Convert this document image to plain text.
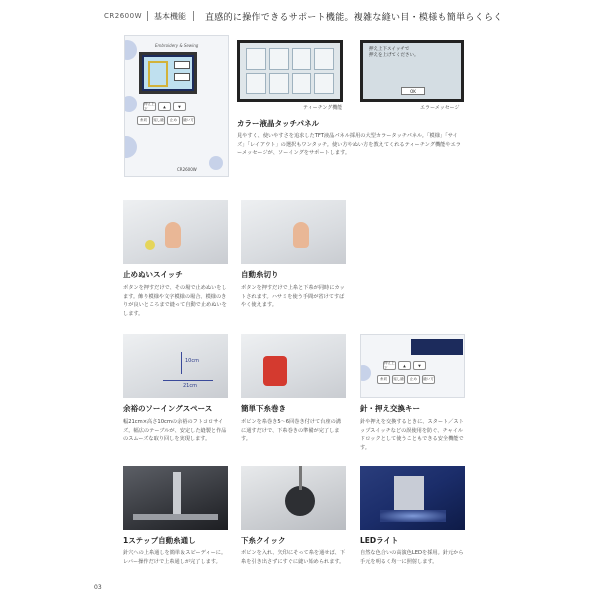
CR2600W 基本機能 直感的に操作できるサポート機能。複雑な縫い目・模様も簡単らくらく
Embroidery & Sewing
押え上下	▲	▼
糸切	返し縫	止め	縫い方
CR2600W
ティーチング機能
押え上下スイッチで
押えを上げてください。
OK
エラーメッセージ
カラー液晶タッチパネル
見やすく、使いやすさを追求したTFT液晶パネル採用の大型カラータッチパネル。「模様」「サイズ」「レイアウト」の選択もワンタッチ。使い方やぬい方を教えてくれるティーチング機能やエラーメッセージが、ソーイングをサポートします。
止めぬいスイッチ
ボタンを押すだけで、その場で止めぬいをします。飾り模様や文字模様の場合、模様のきりが良いところまで縫って自動で止めぬいをします。
自動糸切り
ボタンを押すだけで上糸と下糸が同時にカットされます。ハサミを使う手間が省けてすばやく使えます。
10cm
21cm
押え上下	▲	▼
糸切	返し縫	止め	縫い方
余裕のソーイングスペース
幅21cm×高さ10cmの余裕のフトコロサイズ。幅広のテーブルが、安定した縫製と作品のスムーズな取り回しを実現します。
簡単下糸巻き
ボビンを糸巻き5〜6回巻き付けて台座の溝に通すだけで、下糸巻きの準備が完了します。
針・押え交換キー
針や押えを交換するときに、スタート／ストップスイッチなどの誤使用を防ぐ、チャイルドロックとして使うこともできる安全機能です。
1ステップ自動糸通し
針穴への上糸通しを簡単＆スピーディーに。レバー操作だけで上糸通しが完了します。
下糸クイック
ボビンを入れ、矢印にそって糸を通せば、下糸を引き出さずにすぐに縫い始められます。
LEDライト
自然な色合いの高演色LEDを採用。針元から手元を明るく均一に照射します。
03
